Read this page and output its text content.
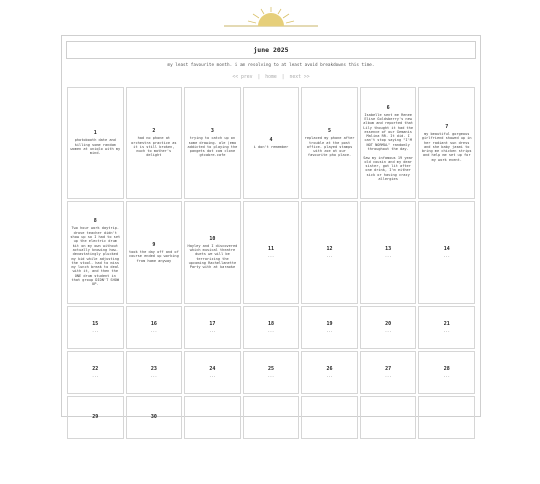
june 2025
my least favourite month. i am resolving to at least avoid breakdowns this time.
<< prev | home | next >>
1
photobooth date and killing some random women at uniqlo with my mind.
2
had no phone at orchestra practice as it is still broken, much to mother's delight
3
trying to catch up on some drawing. ale (emo addicted to playing the pangets dot com clone gtcabre.cafe
4
i don't remember
5
replaced my phone after trouble at the post office. played stamps with zoe at our favourite pho place.
6
Isabelle sent me Renee Elise Goldsberry's new album and reported that Lily thought it had the essence of our Gemanis Malina RR. It did. I can't stop saying "I'M NOT NORMAL" randomly throughout the day.

Saw my infamous 19 year old cousin and my dear sister, got lit after one drink, I'm either sick or having crazy allergies
7
my beautiful gorgeous girlfriend showed up in her radiant sun dress and she baby jasmi to bring me chicken strips and help me set up for my work event.
8
Two hour work daytrip. drove teacher didn't show up so I had to set up the electric drum kit on my own without actually knowing how. devastatingly plucked my kid while adjusting the stool. had to miss my lunch break to deal with it, and then the ONE drum student in that group DIDN'T SHOW UP.
9
took the day off and of course ended up working from home anyway
10
Hayley and I discovered which musical theatre duets we will be terrorizing the upcoming Rachellanette Party with at karaoke
11
...
12
...
13
...
14
...
15
...
16
...
17
...
18
...
19
...
20
...
21
...
22
...
23
...
24
...
25
...
26
...
27
...
28
...
29	30
